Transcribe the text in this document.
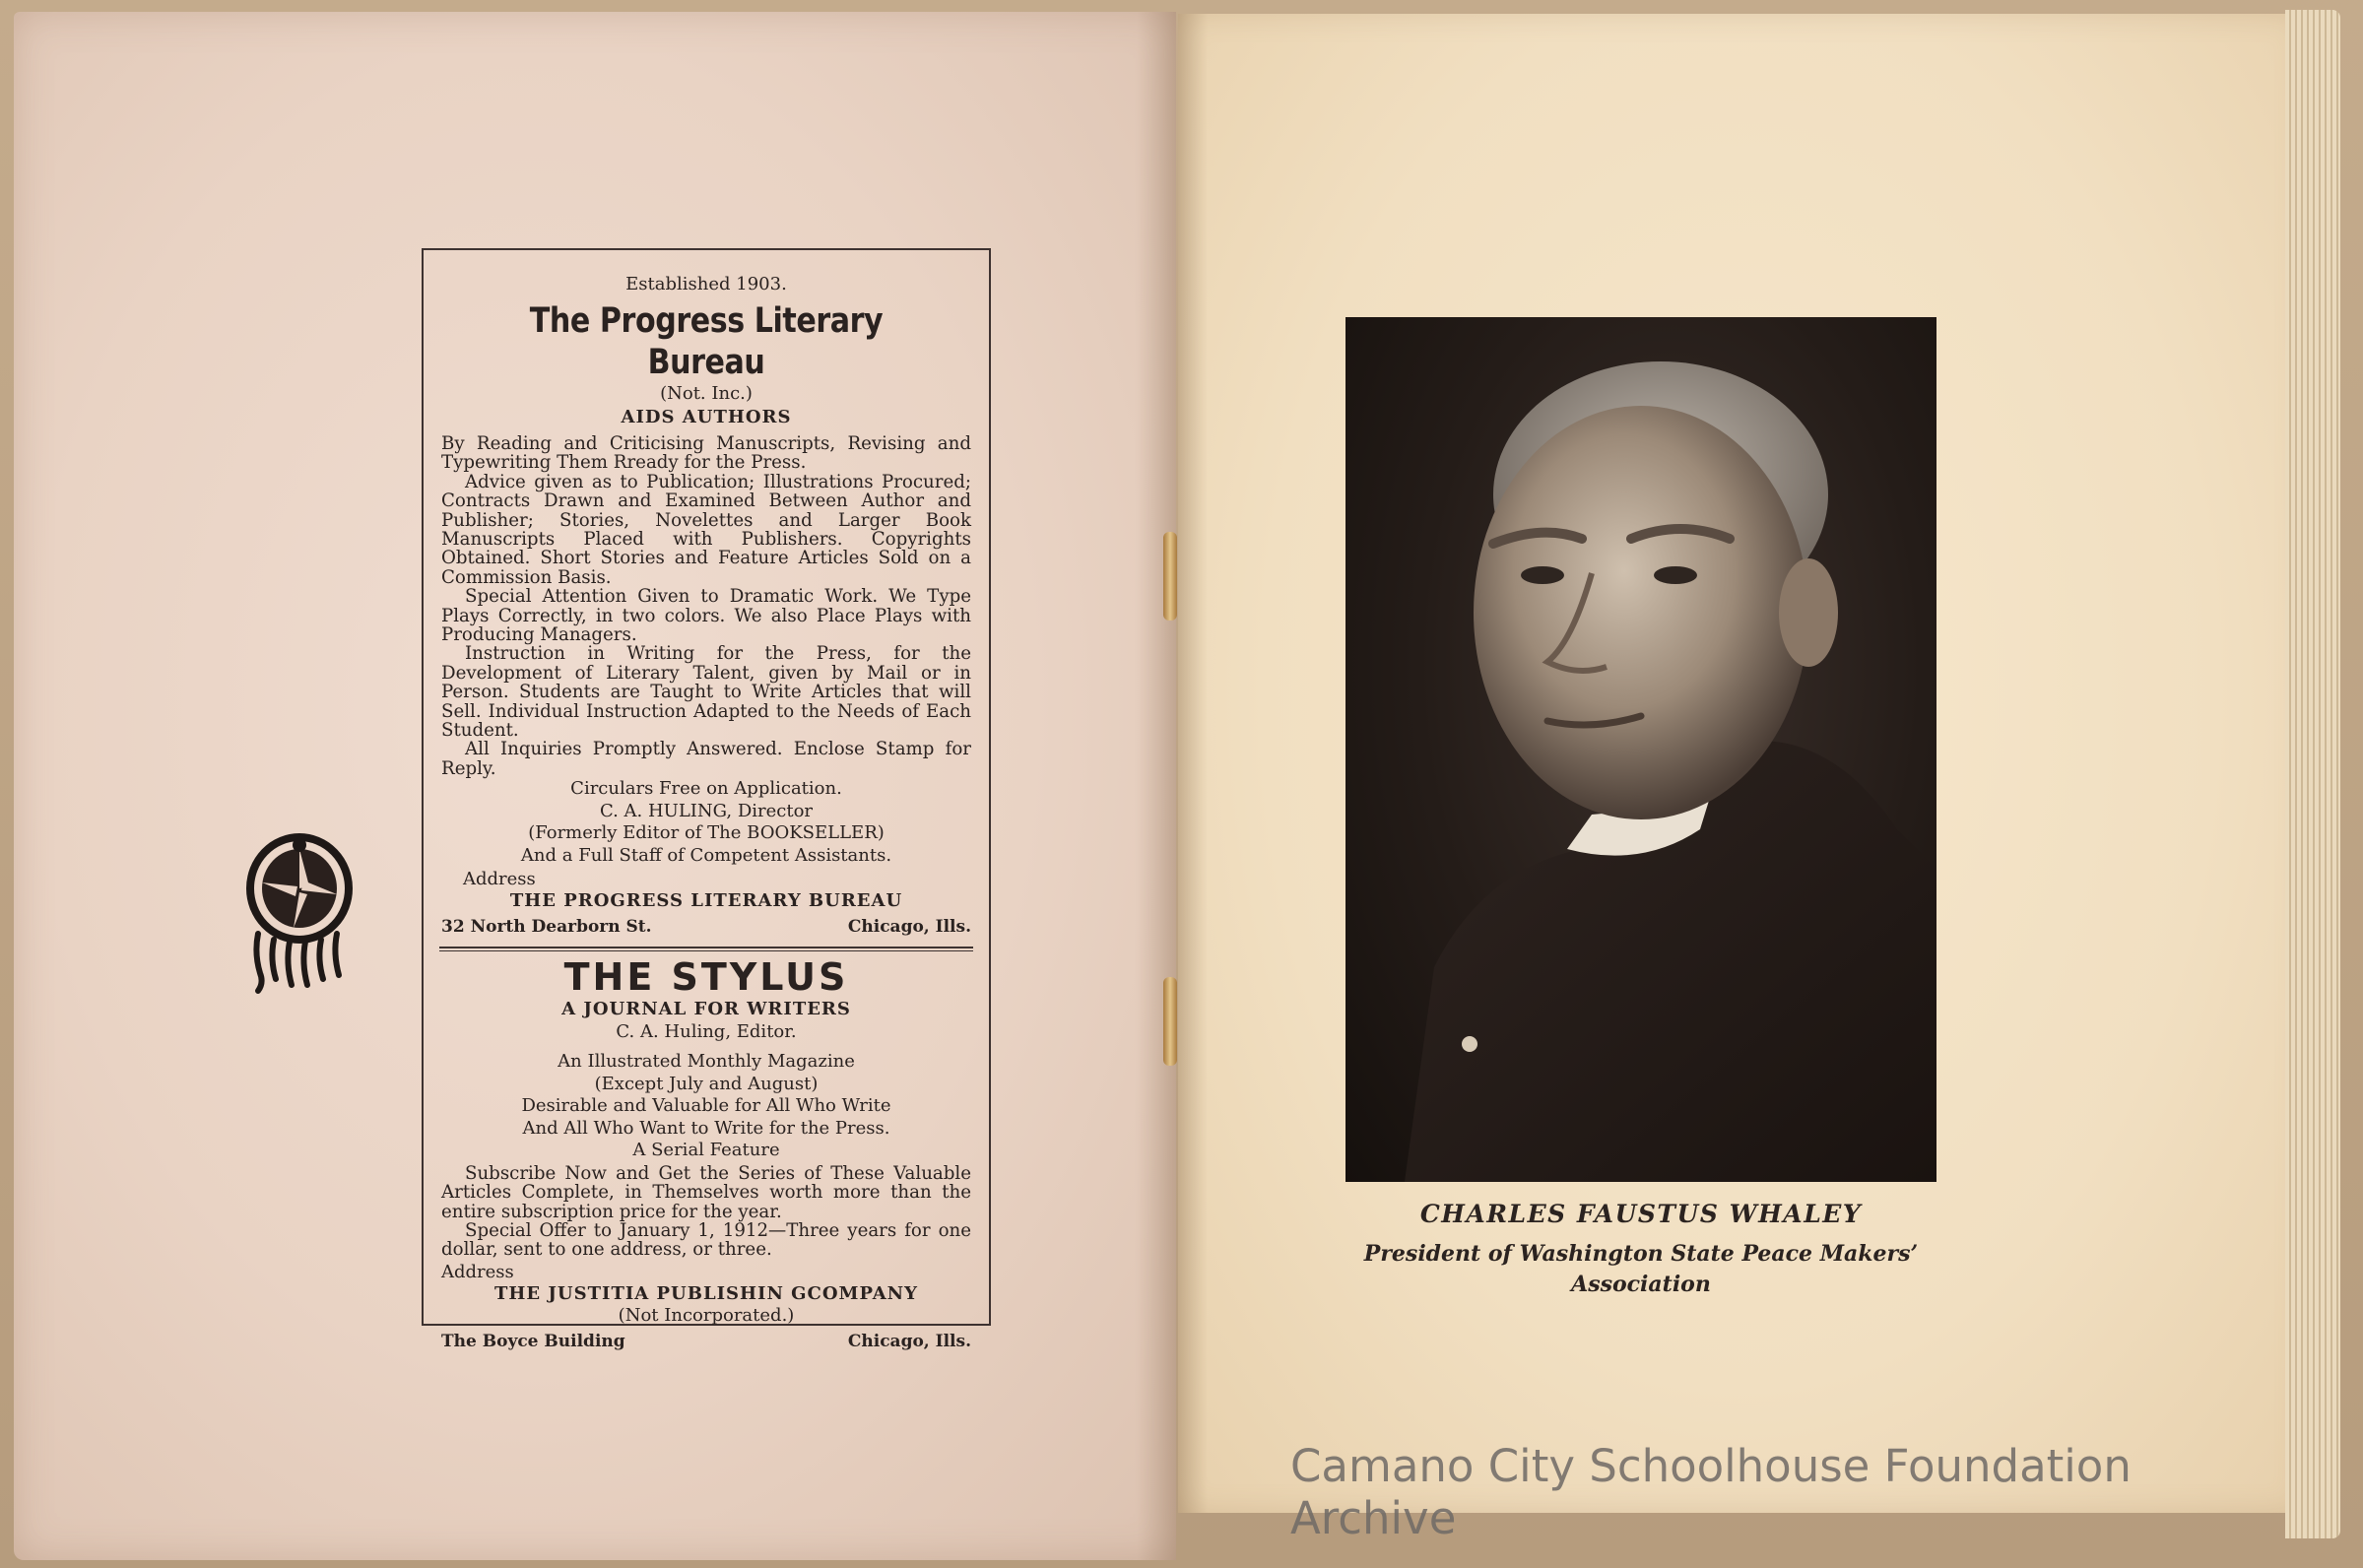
Established 1903.
The Progress Literary Bureau
(Not. Inc.)
AIDS AUTHORS

By Reading and Criticising Manuscripts, Revising and Typewriting Them Rready for the Press.

Advice given as to Publication; Illustrations Procured; Contracts Drawn and Examined Between Author and Publisher; Stories, Novelettes and Larger Book Manuscripts Placed with Publishers. Copyrights Obtained. Short Stories and Feature Articles Sold on a Commission Basis.

Special Attention Given to Dramatic Work. We Type Plays Correctly, in two colors. We also Place Plays with Producing Managers.

Instruction in Writing for the Press, for the Development of Literary Talent, given by Mail or in Person. Students are Taught to Write Articles that will Sell. Individual Instruction Adapted to the Needs of Each Student.

All Inquiries Promptly Answered. Enclose Stamp for Reply.

Circulars Free on Application.
C. A. HULING, Director
(Formerly Editor of The BOOKSELLER)
And a Full Staff of Competent Assistants.
Address
THE PROGRESS LITERARY BUREAU
32 North Dearborn St.	Chicago, Ills.
THE STYLUS
A JOURNAL FOR WRITERS
C. A. Huling, Editor.
An Illustrated Monthly Magazine
(Except July and August)
Desirable and Valuable for All Who Write
And All Who Want to Write for the Press.
A Serial Feature

Subscribe Now and Get the Series of These Valuable Articles Complete, in Themselves worth more than the entire subscription price for the year.

Special Offer to January 1, 1912—Three years for one dollar, sent to one address, or three.

Address
THE JUSTITIA PUBLISHIN GCOMPANY
(Not Incorporated.)
The Boyce Building	Chicago, Ills.
CHARLES FAUSTUS WHALEY
President of Washington State Peace Makers’
Association
Camano City Schoolhouse Foundation Archive
